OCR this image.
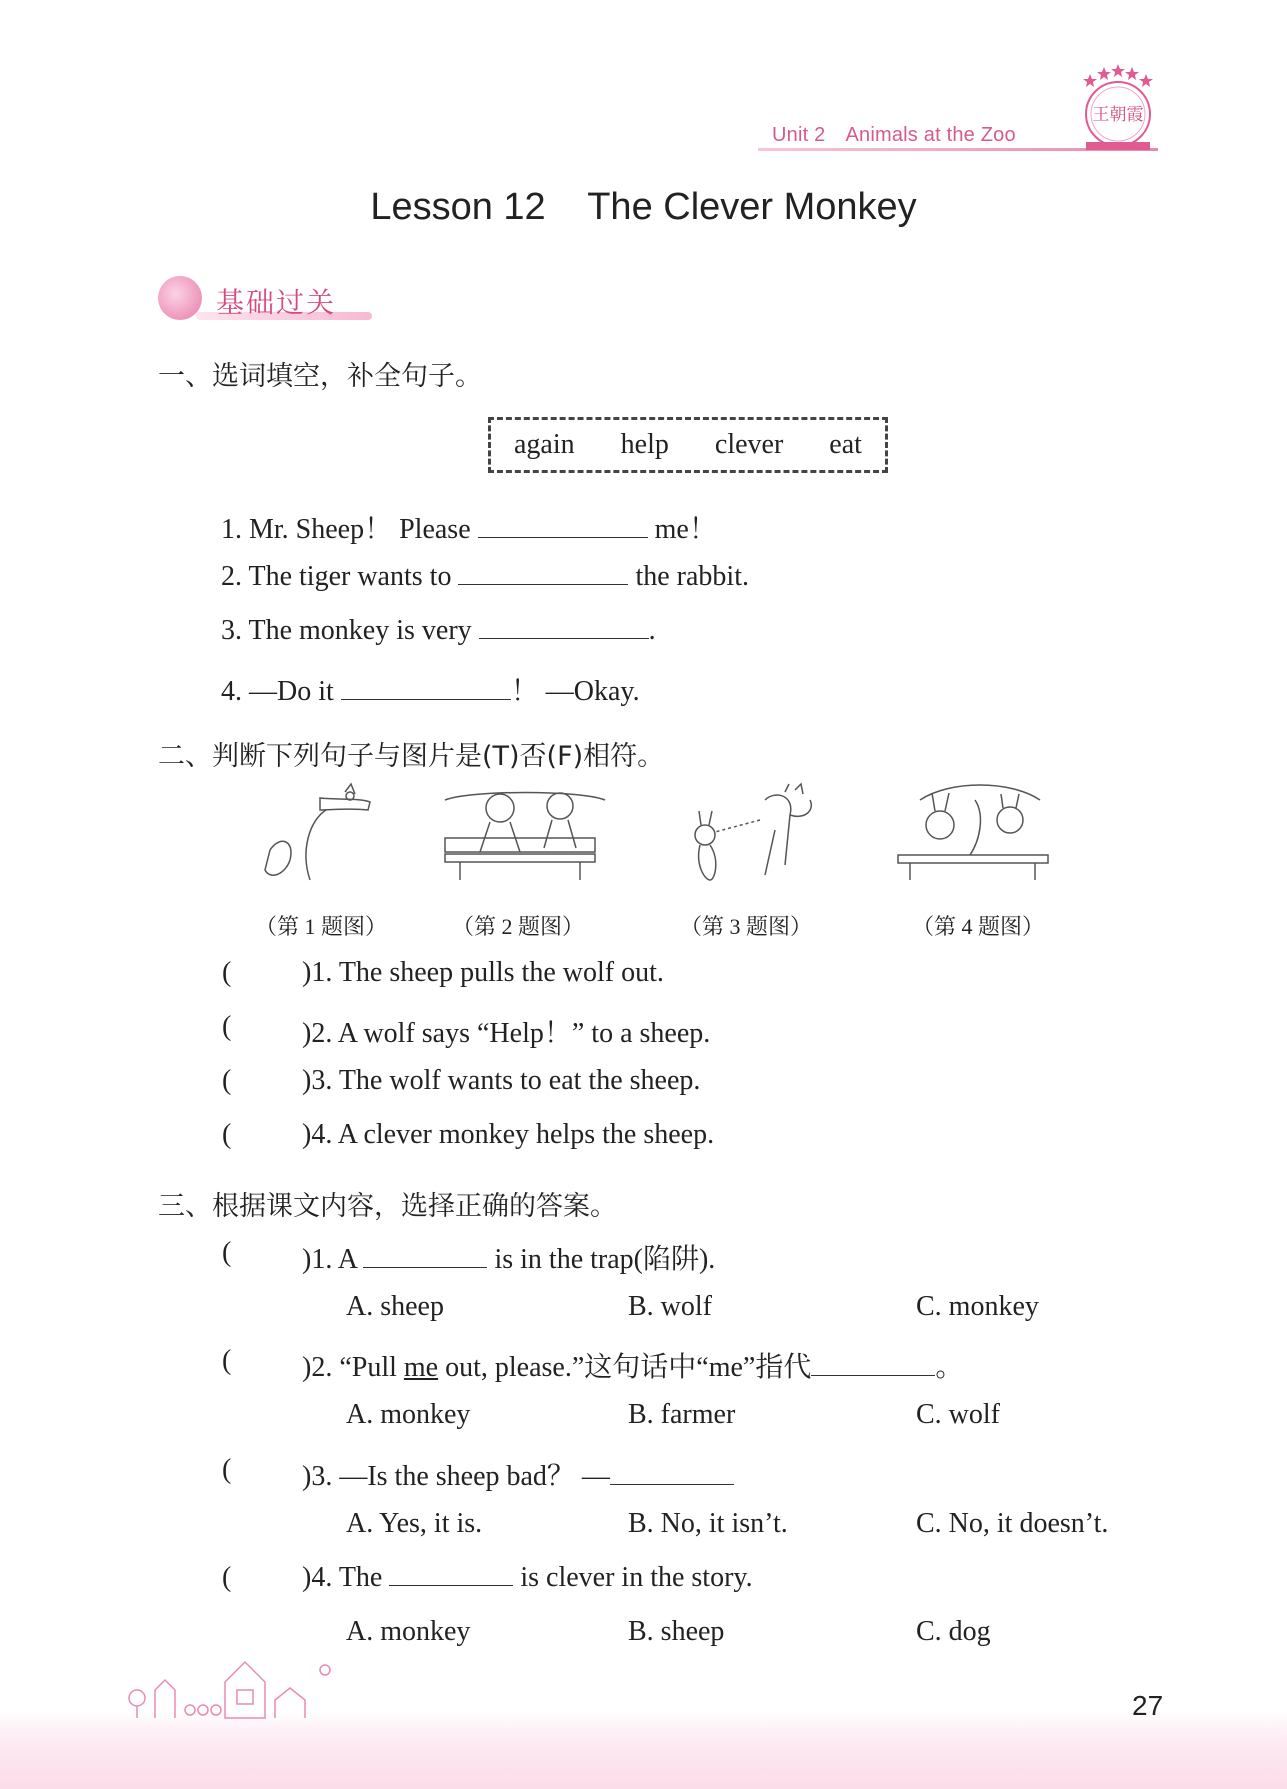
Unit 2 Animals at the Zoo
王朝霞
Lesson 12    The Clever Monkey
基础过关
一、选词填空，补全句子。
again help clever eat
1. Mr. Sheep！ Please	me！
2. The tiger wants to	the rabbit.
3. The monkey is very	.
4. —Do it	！ —Okay.
二、判断下列句子与图片是(T)否(F)相符。
（第 1 题图）	（第 2 题图）	（第 3 题图）	（第 4 题图）
(	)1. The sheep pulls the wolf out.
(	)2. A wolf says “Help！” to a sheep.
(	)3. The wolf wants to eat the sheep.
(	)4. A clever monkey helps the sheep.
三、根据课文内容，选择正确的答案。
(	)1. A	is in the trap(陷阱).
A. sheep	B. wolf	C. monkey
(	)2. “Pull me out, please.”这句话中“me”指代	。
A. monkey	B. farmer	C. wolf
(	)3. —Is the sheep bad？ —
A. Yes, it is.	B. No, it isn’t.	C. No, it doesn’t.
(	)4. The	is clever in the story.
A. monkey	B. sheep	C. dog
27
